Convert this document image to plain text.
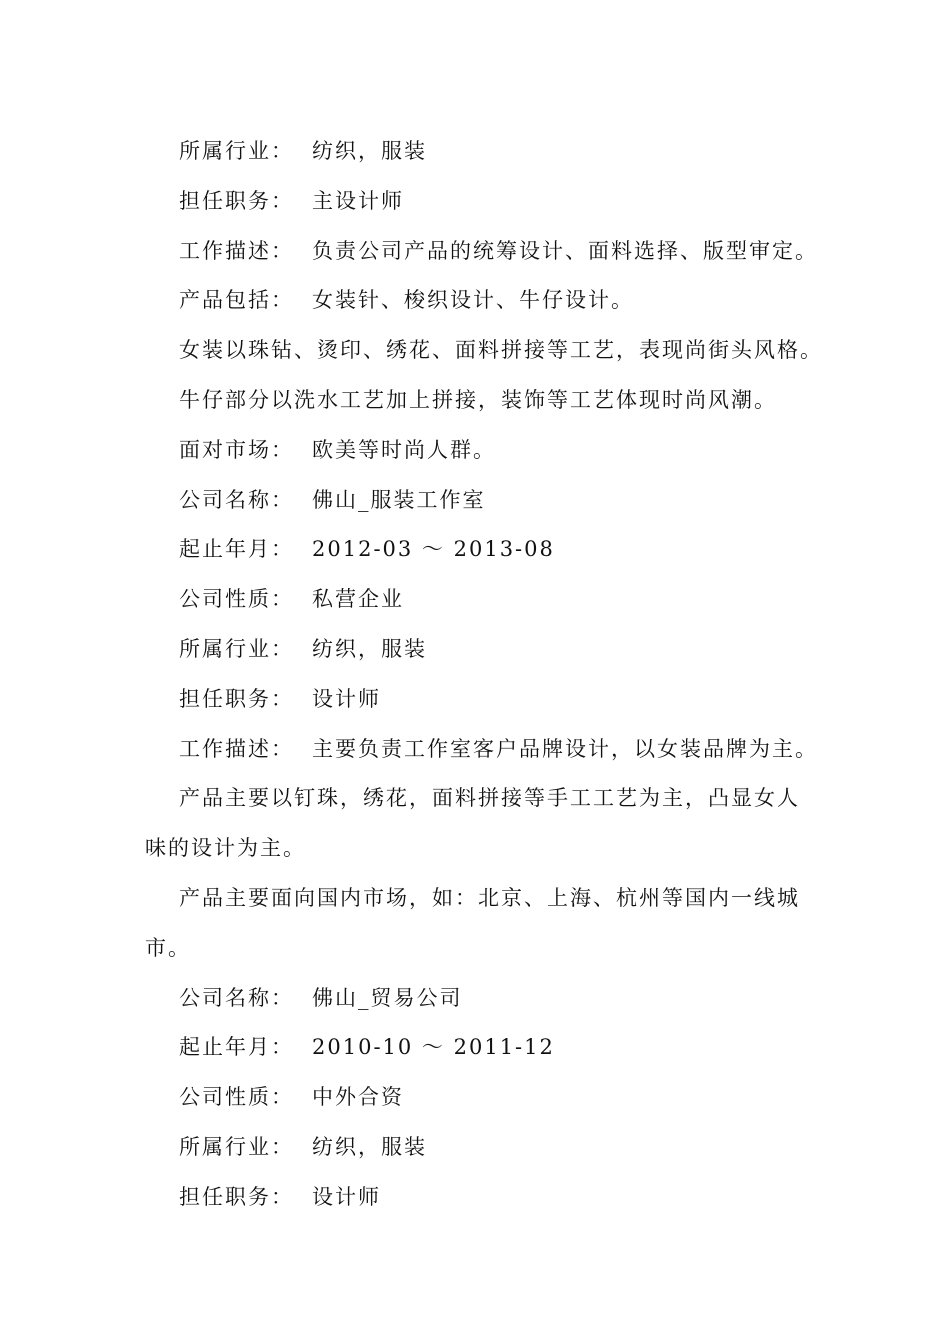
所属行业： 纺织，服装
担任职务： 主设计师
工作描述： 负责公司产品的统筹设计、面料选择、版型审定。
产品包括： 女装针、梭织设计、牛仔设计。
女装以珠钻、烫印、绣花、面料拼接等工艺，表现尚街头风格。
牛仔部分以洗水工艺加上拼接，装饰等工艺体现时尚风潮。
面对市场： 欧美等时尚人群。
公司名称： 佛山_服装工作室
起止年月： 2012-03 ～ 2013-08
公司性质： 私营企业
所属行业： 纺织，服装
担任职务： 设计师
工作描述： 主要负责工作室客户品牌设计，以女装品牌为主。
产品主要以钉珠，绣花，面料拼接等手工工艺为主，凸显女人
味的设计为主。
产品主要面向国内市场，如：北京、上海、杭州等国内一线城
市。
公司名称： 佛山_贸易公司
起止年月： 2010-10 ～ 2011-12
公司性质： 中外合资
所属行业： 纺织，服装
担任职务： 设计师
